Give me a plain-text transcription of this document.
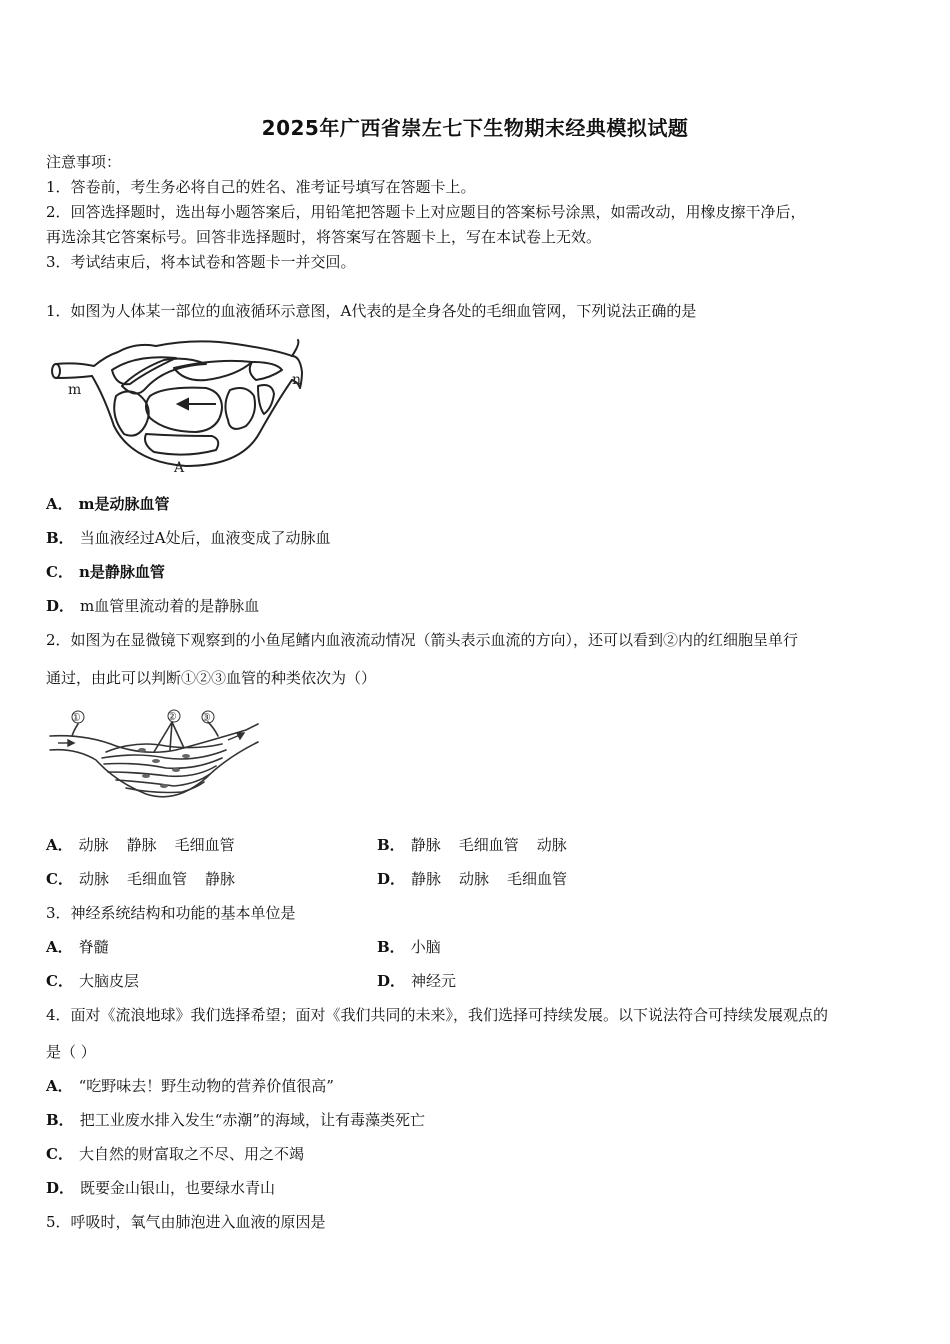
2025年广西省崇左七下生物期末经典模拟试题
注意事项：
1．答卷前，考生务必将自己的姓名、准考证号填写在答题卡上。
2．回答选择题时，选出每小题答案后，用铅笔把答题卡上对应题目的答案标号涂黑，如需改动，用橡皮擦干净后，
再选涂其它答案标号。回答非选择题时，将答案写在答题卡上，写在本试卷上无效。
3．考试结束后，将本试卷和答题卡一并交回。
1．如图为人体某一部位的血液循环示意图，A代表的是全身各处的毛细血管网，下列说法正确的是
m
n
A
A． m是动脉血管
B． 当血液经过A处后，血液变成了动脉血
C． n是静脉血管
D． m血管里流动着的是静脉血
2．如图为在显微镜下观察到的小鱼尾鳍内血液流动情况（箭头表示血流的方向），还可以看到②内的红细胞呈单行
通过，由此可以判断①②③血管的种类依次为（）
①	② ③
A． 动脉 静脉 毛细血管	B． 静脉 毛细血管 动脉
C． 动脉 毛细血管 静脉	D． 静脉 动脉 毛细血管
3．神经系统结构和功能的基本单位是
A． 脊髓	B． 小脑
C． 大脑皮层	D． 神经元
4．面对《流浪地球》我们选择希望；面对《我们共同的未来》，我们选择可持续发展。以下说法符合可持续发展观点的
是（ ）
A． “吃野味去！野生动物的营养价值很高”
B． 把工业废水排入发生“赤潮”的海域，让有毒藻类死亡
C． 大自然的财富取之不尽、用之不竭
D． 既要金山银山，也要绿水青山
5．呼吸时，氧气由肺泡进入血液的原因是
